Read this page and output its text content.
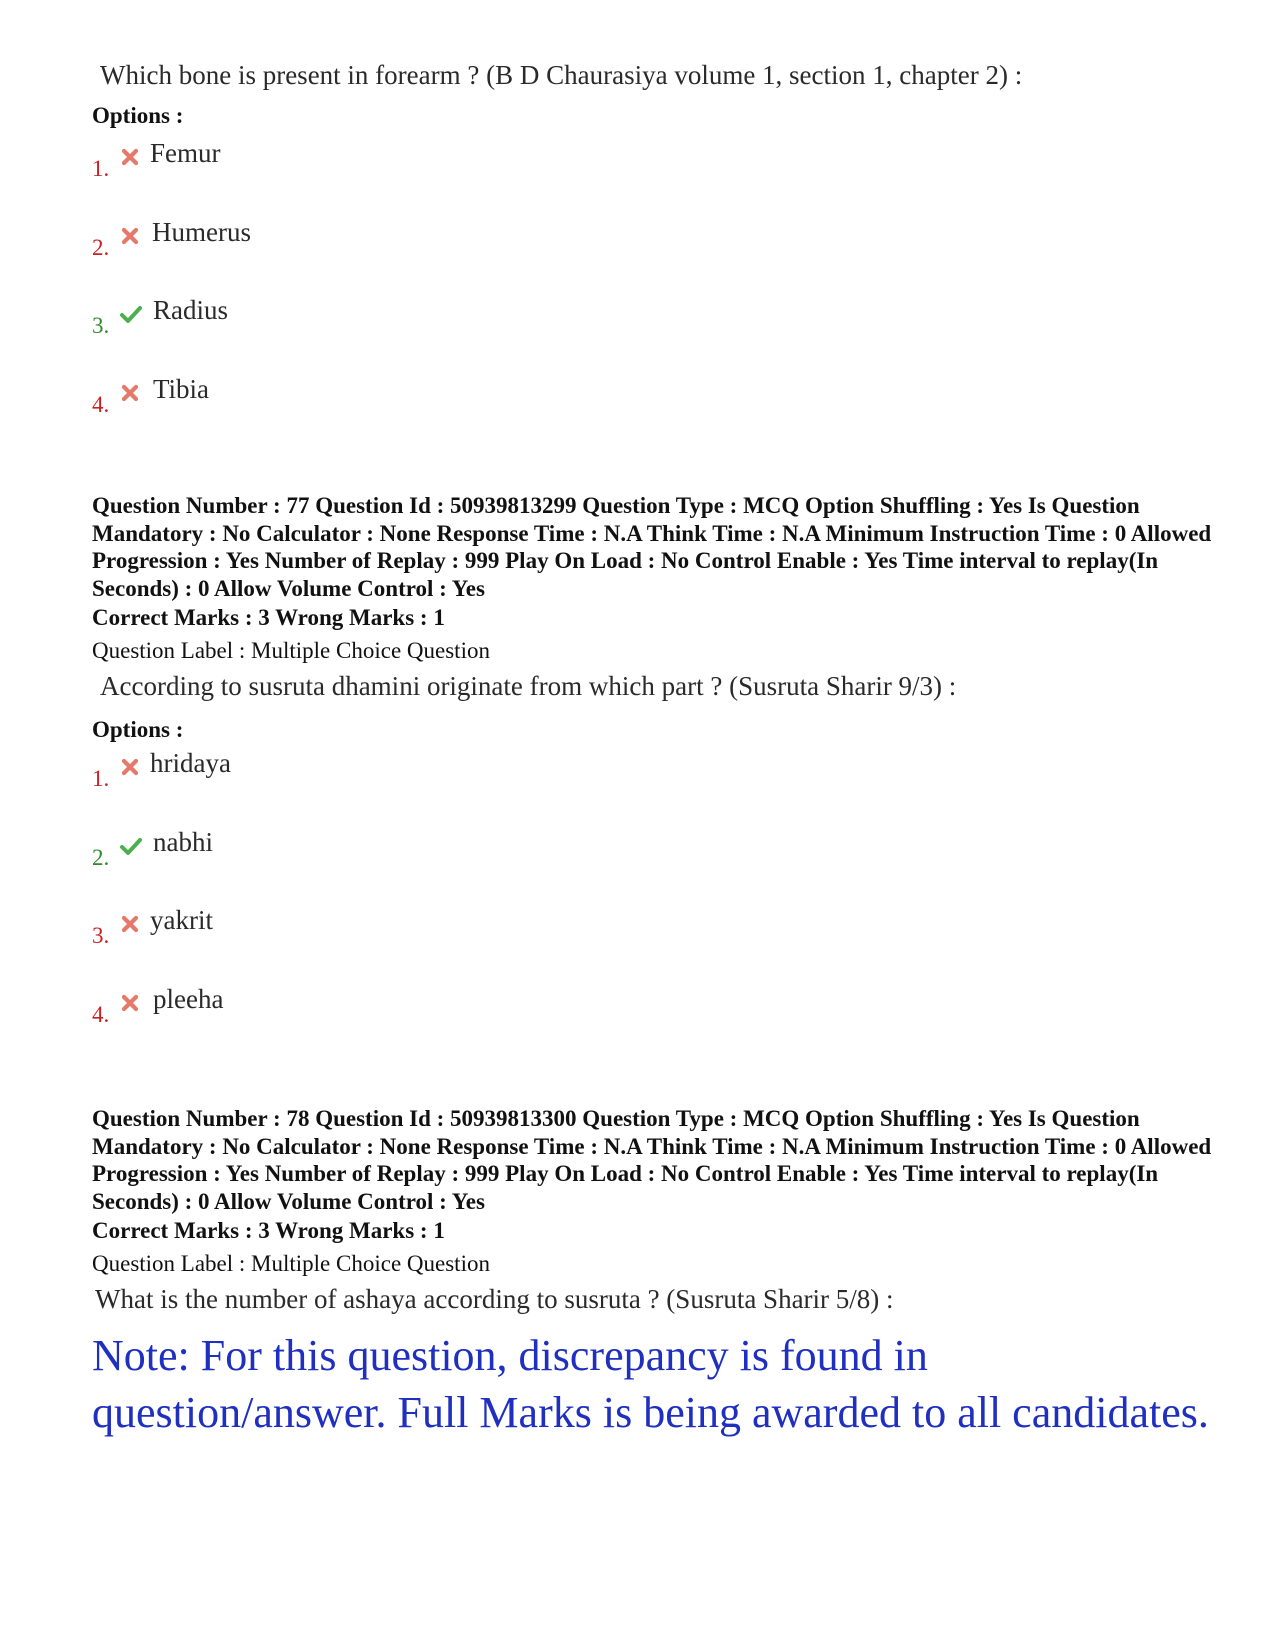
Which bone is present in forearm ? (B D Chaurasiya volume 1, section 1, chapter 2) :
Options :
1.
Femur
2.
Humerus
3.
Radius
4.
Tibia
Question Number : 77 Question Id : 50939813299 Question Type : MCQ Option Shuffling : Yes Is Question Mandatory : No Calculator : None Response Time : N.A Think Time : N.A Minimum Instruction Time : 0 Allowed Progression : Yes Number of Replay : 999 Play On Load : No Control Enable : Yes Time interval to replay(In Seconds) : 0 Allow Volume Control : Yes
Correct Marks : 3 Wrong Marks : 1
Question Label : Multiple Choice Question
According to susruta dhamini originate from which part ? (Susruta Sharir 9/3) :
Options :
1.
hridaya
2.
nabhi
3.
yakrit
4.
pleeha
Question Number : 78 Question Id : 50939813300 Question Type : MCQ Option Shuffling : Yes Is Question Mandatory : No Calculator : None Response Time : N.A Think Time : N.A Minimum Instruction Time : 0 Allowed Progression : Yes Number of Replay : 999 Play On Load : No Control Enable : Yes Time interval to replay(In Seconds) : 0 Allow Volume Control : Yes
Correct Marks : 3 Wrong Marks : 1
Question Label : Multiple Choice Question
What is the number of ashaya according to susruta ? (Susruta Sharir 5/8) :
Note: For this question, discrepancy is found in question/answer. Full Marks is being awarded to all candidates.
